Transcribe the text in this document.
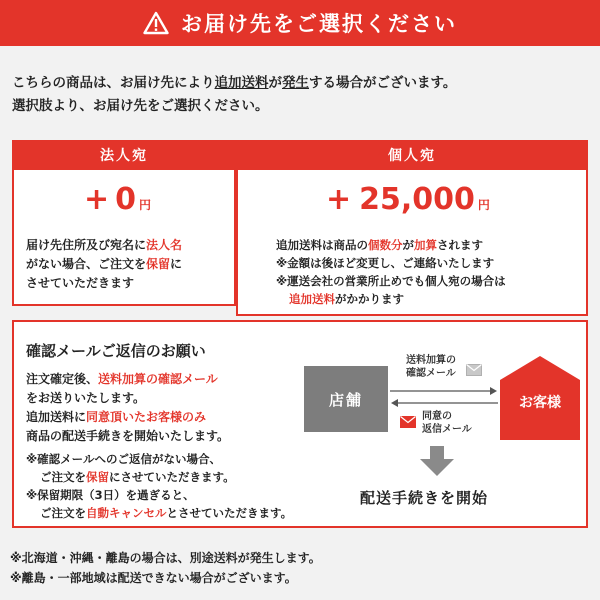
お届け先をご選択ください
こちらの商品は、お届け先により追加送料が発生する場合がございます。
選択肢より、お届け先をご選択ください。
法人宛
+ 0 円
届け先住所及び宛名に法人名
がない場合、ご注文を保留に
させていただきます
個人宛
+ 25,000 円
追加送料は商品の個数分が加算されます
※金額は後ほど変更し、ご連絡いたします
※運送会社の営業所止めでも個人宛の場合は
追加送料がかかります
確認メールご返信のお願い
注文確定後、送料加算の確認メール
をお送りいたします。
追加送料に同意頂いたお客様のみ
商品の配送手続きを開始いたします。
※確認メールへのご返信がない場合、
ご注文を保留にさせていただきます。
※保留期限（3日）を過ぎると、
ご注文を自動キャンセルとさせていただきます。
店舗	お客様
送料加算の
確認メール
同意の
返信メール
配送手続きを開始
※北海道・沖縄・離島の場合は、別途送料が発生します。
※離島・一部地域は配送できない場合がございます。
